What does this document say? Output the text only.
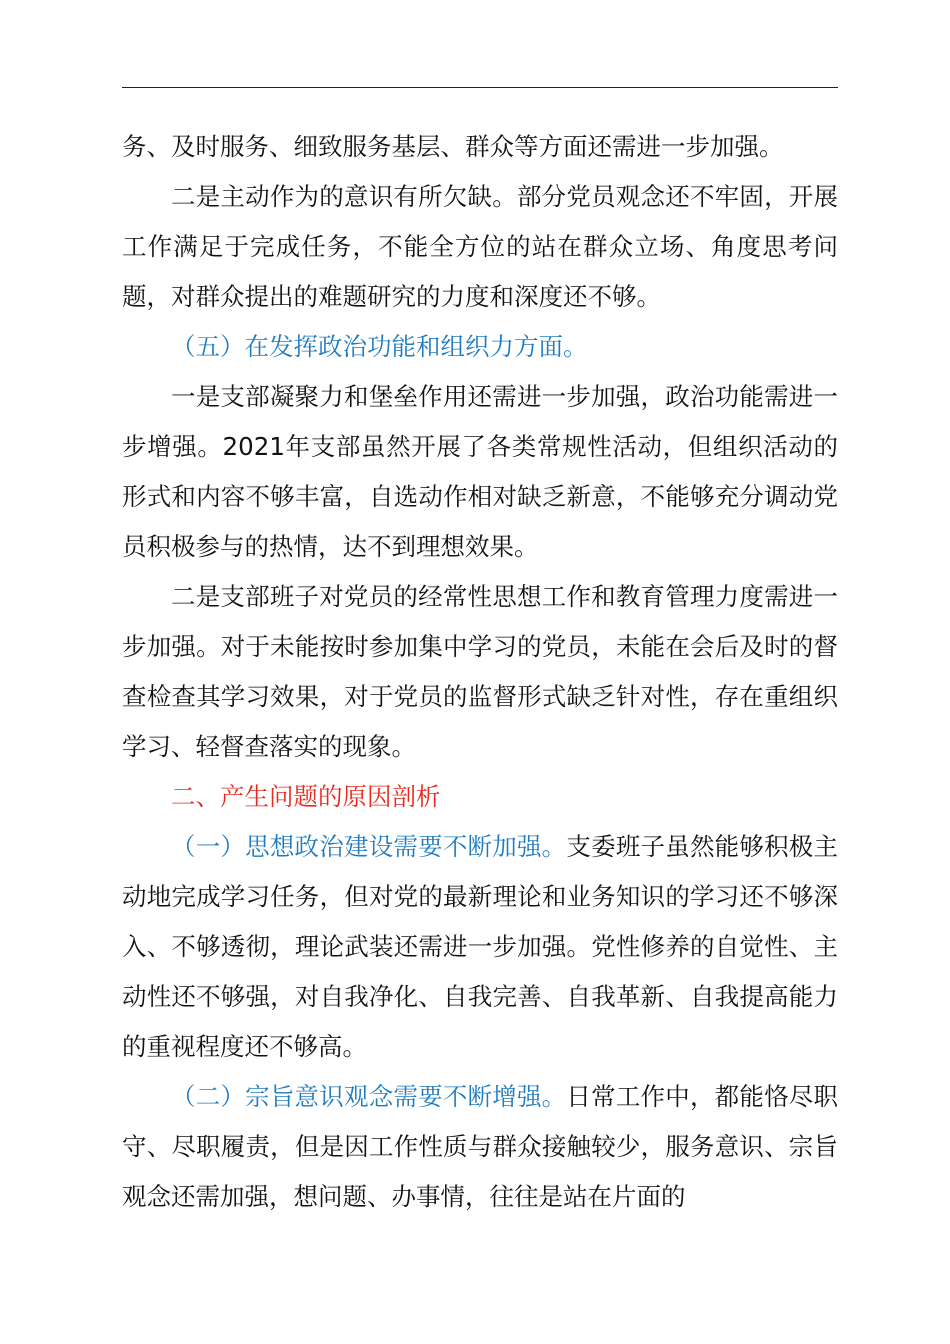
务、及时服务、细致服务基层、群众等方面还需进一步加强。

二是主动作为的意识有所欠缺。部分党员观念还不牢固，开展工作满足于完成任务，不能全方位的站在群众立场、角度思考问题，对群众提出的难题研究的力度和深度还不够。

（五）在发挥政治功能和组织力方面。

一是支部凝聚力和堡垒作用还需进一步加强，政治功能需进一步增强。2021年支部虽然开展了各类常规性活动，但组织活动的形式和内容不够丰富，自选动作相对缺乏新意，不能够充分调动党员积极参与的热情，达不到理想效果。

二是支部班子对党员的经常性思想工作和教育管理力度需进一步加强。对于未能按时参加集中学习的党员，未能在会后及时的督查检查其学习效果，对于党员的监督形式缺乏针对性，存在重组织学习、轻督查落实的现象。

二、产生问题的原因剖析

（一）思想政治建设需要不断加强。支委班子虽然能够积极主动地完成学习任务，但对党的最新理论和业务知识的学习还不够深入、不够透彻，理论武装还需进一步加强。党性修养的自觉性、主动性还不够强，对自我净化、自我完善、自我革新、自我提高能力的重视程度还不够高。

（二）宗旨意识观念需要不断增强。日常工作中，都能恪尽职守、尽职履责，但是因工作性质与群众接触较少，服务意识、宗旨观念还需加强，想问题、办事情，往往是站在片面的
